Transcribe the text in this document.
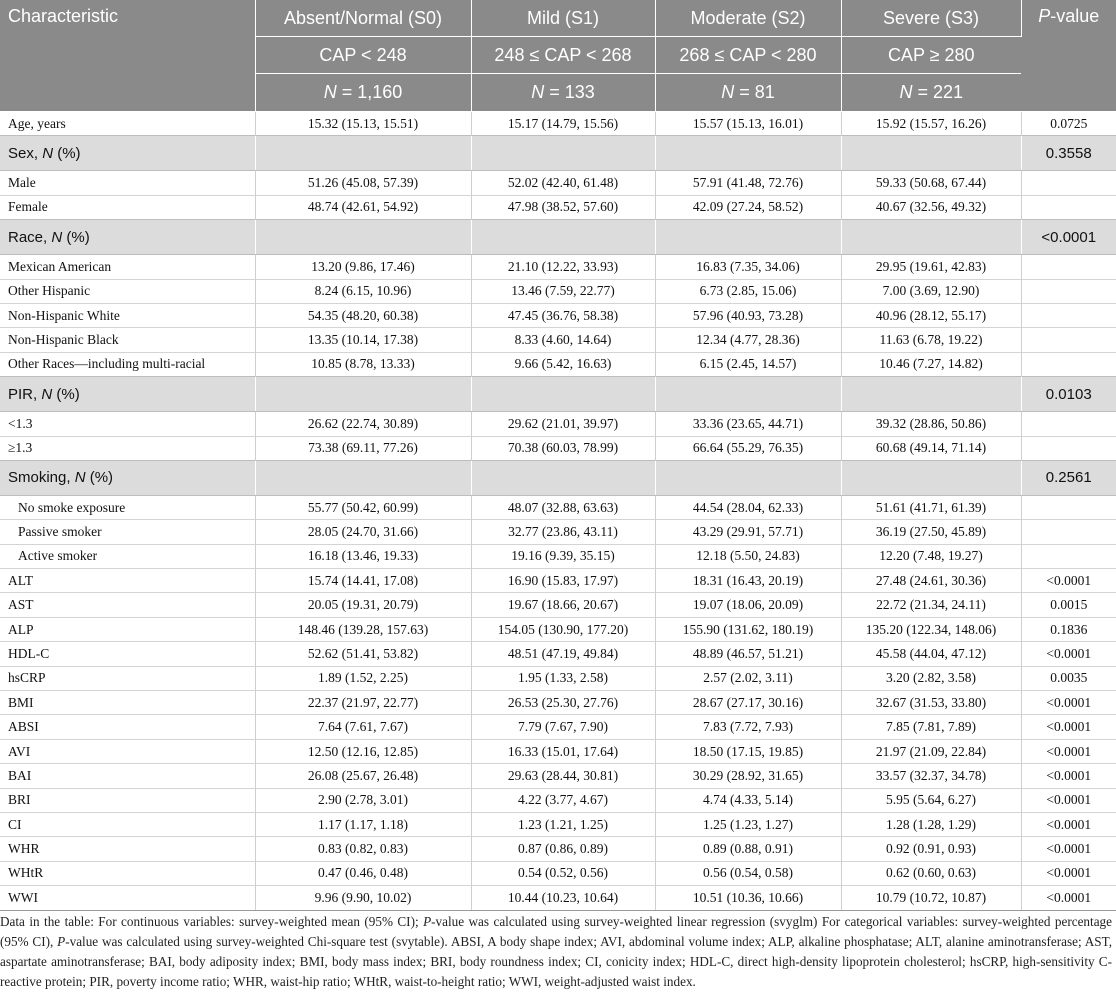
Characteristic	Absent/Normal (S0)	Mild (S1)	Moderate (S2)	Severe (S3)	P-value
	CAP < 248	248 ≤ CAP < 268	268 ≤ CAP < 280	CAP ≥ 280	
	N = 1,160	N = 133	N = 81	N = 221	
Age, years	15.32 (15.13, 15.51)	15.17 (14.79, 15.56)	15.57 (15.13, 16.01)	15.92 (15.57, 16.26)	0.0725
Sex, N (%)					0.3558
Male	51.26 (45.08, 57.39)	52.02 (42.40, 61.48)	57.91 (41.48, 72.76)	59.33 (50.68, 67.44)	
Female	48.74 (42.61, 54.92)	47.98 (38.52, 57.60)	42.09 (27.24, 58.52)	40.67 (32.56, 49.32)	
Race, N (%)					<0.0001
Mexican American	13.20 (9.86, 17.46)	21.10 (12.22, 33.93)	16.83 (7.35, 34.06)	29.95 (19.61, 42.83)	
Other Hispanic	8.24 (6.15, 10.96)	13.46 (7.59, 22.77)	6.73 (2.85, 15.06)	7.00 (3.69, 12.90)	
Non-Hispanic White	54.35 (48.20, 60.38)	47.45 (36.76, 58.38)	57.96 (40.93, 73.28)	40.96 (28.12, 55.17)	
Non-Hispanic Black	13.35 (10.14, 17.38)	8.33 (4.60, 14.64)	12.34 (4.77, 28.36)	11.63 (6.78, 19.22)	
Other Races—including multi-racial	10.85 (8.78, 13.33)	9.66 (5.42, 16.63)	6.15 (2.45, 14.57)	10.46 (7.27, 14.82)	
PIR, N (%)					0.0103
<1.3	26.62 (22.74, 30.89)	29.62 (21.01, 39.97)	33.36 (23.65, 44.71)	39.32 (28.86, 50.86)	
≥1.3	73.38 (69.11, 77.26)	70.38 (60.03, 78.99)	66.64 (55.29, 76.35)	60.68 (49.14, 71.14)	
Smoking, N (%)					0.2561
No smoke exposure	55.77 (50.42, 60.99)	48.07 (32.88, 63.63)	44.54 (28.04, 62.33)	51.61 (41.71, 61.39)	
Passive smoker	28.05 (24.70, 31.66)	32.77 (23.86, 43.11)	43.29 (29.91, 57.71)	36.19 (27.50, 45.89)	
Active smoker	16.18 (13.46, 19.33)	19.16 (9.39, 35.15)	12.18 (5.50, 24.83)	12.20 (7.48, 19.27)	
ALT	15.74 (14.41, 17.08)	16.90 (15.83, 17.97)	18.31 (16.43, 20.19)	27.48 (24.61, 30.36)	<0.0001
AST	20.05 (19.31, 20.79)	19.67 (18.66, 20.67)	19.07 (18.06, 20.09)	22.72 (21.34, 24.11)	0.0015
ALP	148.46 (139.28, 157.63)	154.05 (130.90, 177.20)	155.90 (131.62, 180.19)	135.20 (122.34, 148.06)	0.1836
HDL-C	52.62 (51.41, 53.82)	48.51 (47.19, 49.84)	48.89 (46.57, 51.21)	45.58 (44.04, 47.12)	<0.0001
hsCRP	1.89 (1.52, 2.25)	1.95 (1.33, 2.58)	2.57 (2.02, 3.11)	3.20 (2.82, 3.58)	0.0035
BMI	22.37 (21.97, 22.77)	26.53 (25.30, 27.76)	28.67 (27.17, 30.16)	32.67 (31.53, 33.80)	<0.0001
ABSI	7.64 (7.61, 7.67)	7.79 (7.67, 7.90)	7.83 (7.72, 7.93)	7.85 (7.81, 7.89)	<0.0001
AVI	12.50 (12.16, 12.85)	16.33 (15.01, 17.64)	18.50 (17.15, 19.85)	21.97 (21.09, 22.84)	<0.0001
BAI	26.08 (25.67, 26.48)	29.63 (28.44, 30.81)	30.29 (28.92, 31.65)	33.57 (32.37, 34.78)	<0.0001
BRI	2.90 (2.78, 3.01)	4.22 (3.77, 4.67)	4.74 (4.33, 5.14)	5.95 (5.64, 6.27)	<0.0001
CI	1.17 (1.17, 1.18)	1.23 (1.21, 1.25)	1.25 (1.23, 1.27)	1.28 (1.28, 1.29)	<0.0001
WHR	0.83 (0.82, 0.83)	0.87 (0.86, 0.89)	0.89 (0.88, 0.91)	0.92 (0.91, 0.93)	<0.0001
WHtR	0.47 (0.46, 0.48)	0.54 (0.52, 0.56)	0.56 (0.54, 0.58)	0.62 (0.60, 0.63)	<0.0001
WWI	9.96 (9.90, 10.02)	10.44 (10.23, 10.64)	10.51 (10.36, 10.66)	10.79 (10.72, 10.87)	<0.0001
Data in the table: For continuous variables: survey-weighted mean (95% CI); P-value was calculated using survey-weighted linear regression (svyglm) For categorical variables: survey-weighted percentage (95% CI), P-value was calculated using survey-weighted Chi-square test (svytable). ABSI, A body shape index; AVI, abdominal volume index; ALP, alkaline phosphatase; ALT, alanine aminotransferase; AST, aspartate aminotransferase; BAI, body adiposity index; BMI, body mass index; BRI, body roundness index; CI, conicity index; HDL-C, direct high-density lipoprotein cholesterol; hsCRP, high-sensitivity C-reactive protein; PIR, poverty income ratio; WHR, waist-hip ratio; WHtR, waist-to-height ratio; WWI, weight-adjusted waist index.
